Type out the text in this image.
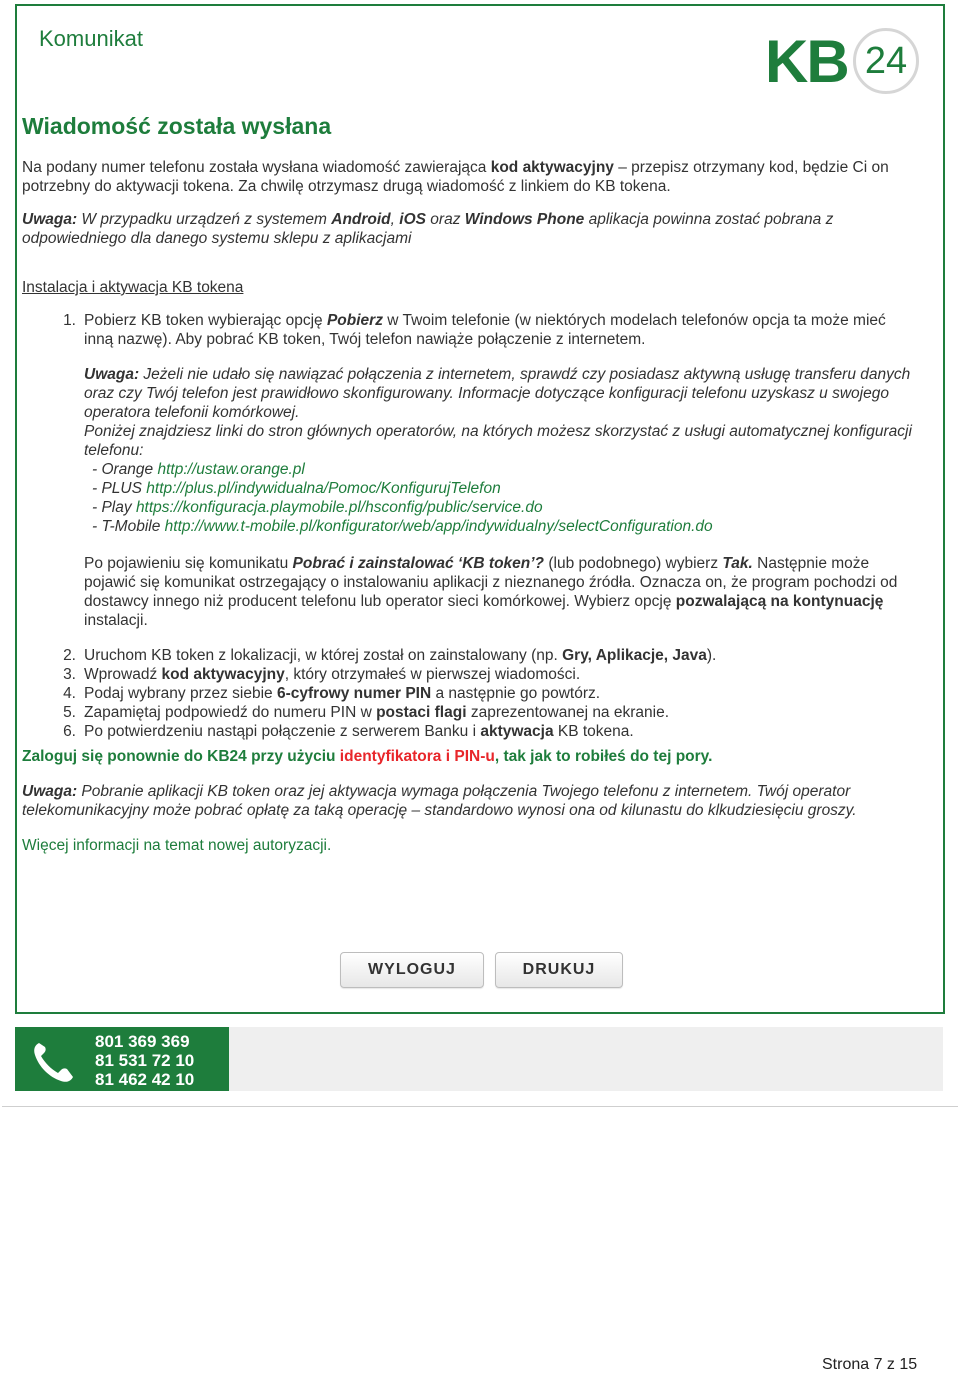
Komunikat	KB 24
Wiadomość została wysłana

Na podany numer telefonu została wysłana wiadomość zawierająca kod aktywacyjny – przepisz otrzymany kod, będzie Ci on potrzebny do aktywacji tokena. Za chwilę otrzymasz drugą wiadomość z linkiem do KB tokena.

Uwaga: W przypadku urządzeń z systemem Android, iOS oraz Windows Phone aplikacja powinna zostać pobrana z odpowiedniego dla danego systemu sklepu z aplikacjami

Instalacja i aktywacja KB tokena

1. Pobierz KB token wybierając opcję Pobierz w Twoim telefonie (w niektórych modelach telefonów opcja ta może mieć inną nazwę). Aby pobrać KB token, Twój telefon nawiąże połączenie z internetem.

Uwaga: Jeżeli nie udało się nawiązać połączenia z internetem, sprawdź czy posiadasz aktywną usługę transferu danych oraz czy Twój telefon jest prawidłowo skonfigurowany. Informacje dotyczące konfiguracji telefonu uzyskasz u swojego operatora telefonii komórkowej.

Poniżej znajdziesz linki do stron głównych operatorów, na których możesz skorzystać z usługi automatycznej konfiguracji telefonu:

- Orange http://ustaw.orange.pl
- PLUS http://plus.pl/indywidualna/Pomoc/KonfigurujTelefon
- Play https://konfiguracja.playmobile.pl/hsconfig/public/service.do
- T-Mobile http://www.t-mobile.pl/konfigurator/web/app/indywidualny/selectConfiguration.do

Po pojawieniu się komunikatu Pobrać i zainstalować ‘KB token’? (lub podobnego) wybierz Tak. Następnie może pojawić się komunikat ostrzegający o instalowaniu aplikacji z nieznanego źródła. Oznacza on, że program pochodzi od dostawcy innego niż producent telefonu lub operator sieci komórkowej. Wybierz opcję pozwalającą na kontynuację instalacji.

2. Uruchom KB token z lokalizacji, w której został on zainstalowany (np. Gry, Aplikacje, Java).
3. Wprowadź kod aktywacyjny, który otrzymałeś w pierwszej wiadomości.
4. Podaj wybrany przez siebie 6-cyfrowy numer PIN a następnie go powtórz.
5. Zapamiętaj podpowiedź do numeru PIN w postaci flagi zaprezentowanej na ekranie.
6. Po potwierdzeniu nastąpi połączenie z serwerem Banku i aktywacja KB tokena.

Zaloguj się ponownie do KB24 przy użyciu identyfikatora i PIN-u, tak jak to robiłeś do tej pory.

Uwaga: Pobranie aplikacji KB token oraz jej aktywacja wymaga połączenia Twojego telefonu z internetem. Twój operator telekomunikacyjny może pobrać opłatę za taką operację – standardowo wynosi ona od kilunastu do klkudziesięciu groszy.

Więcej informacji na temat nowej autoryzacji.

WYLOGUJ	DRUKUJ
801 369 369
81 531 72 10
81 462 42 10
Strona 7 z 15
